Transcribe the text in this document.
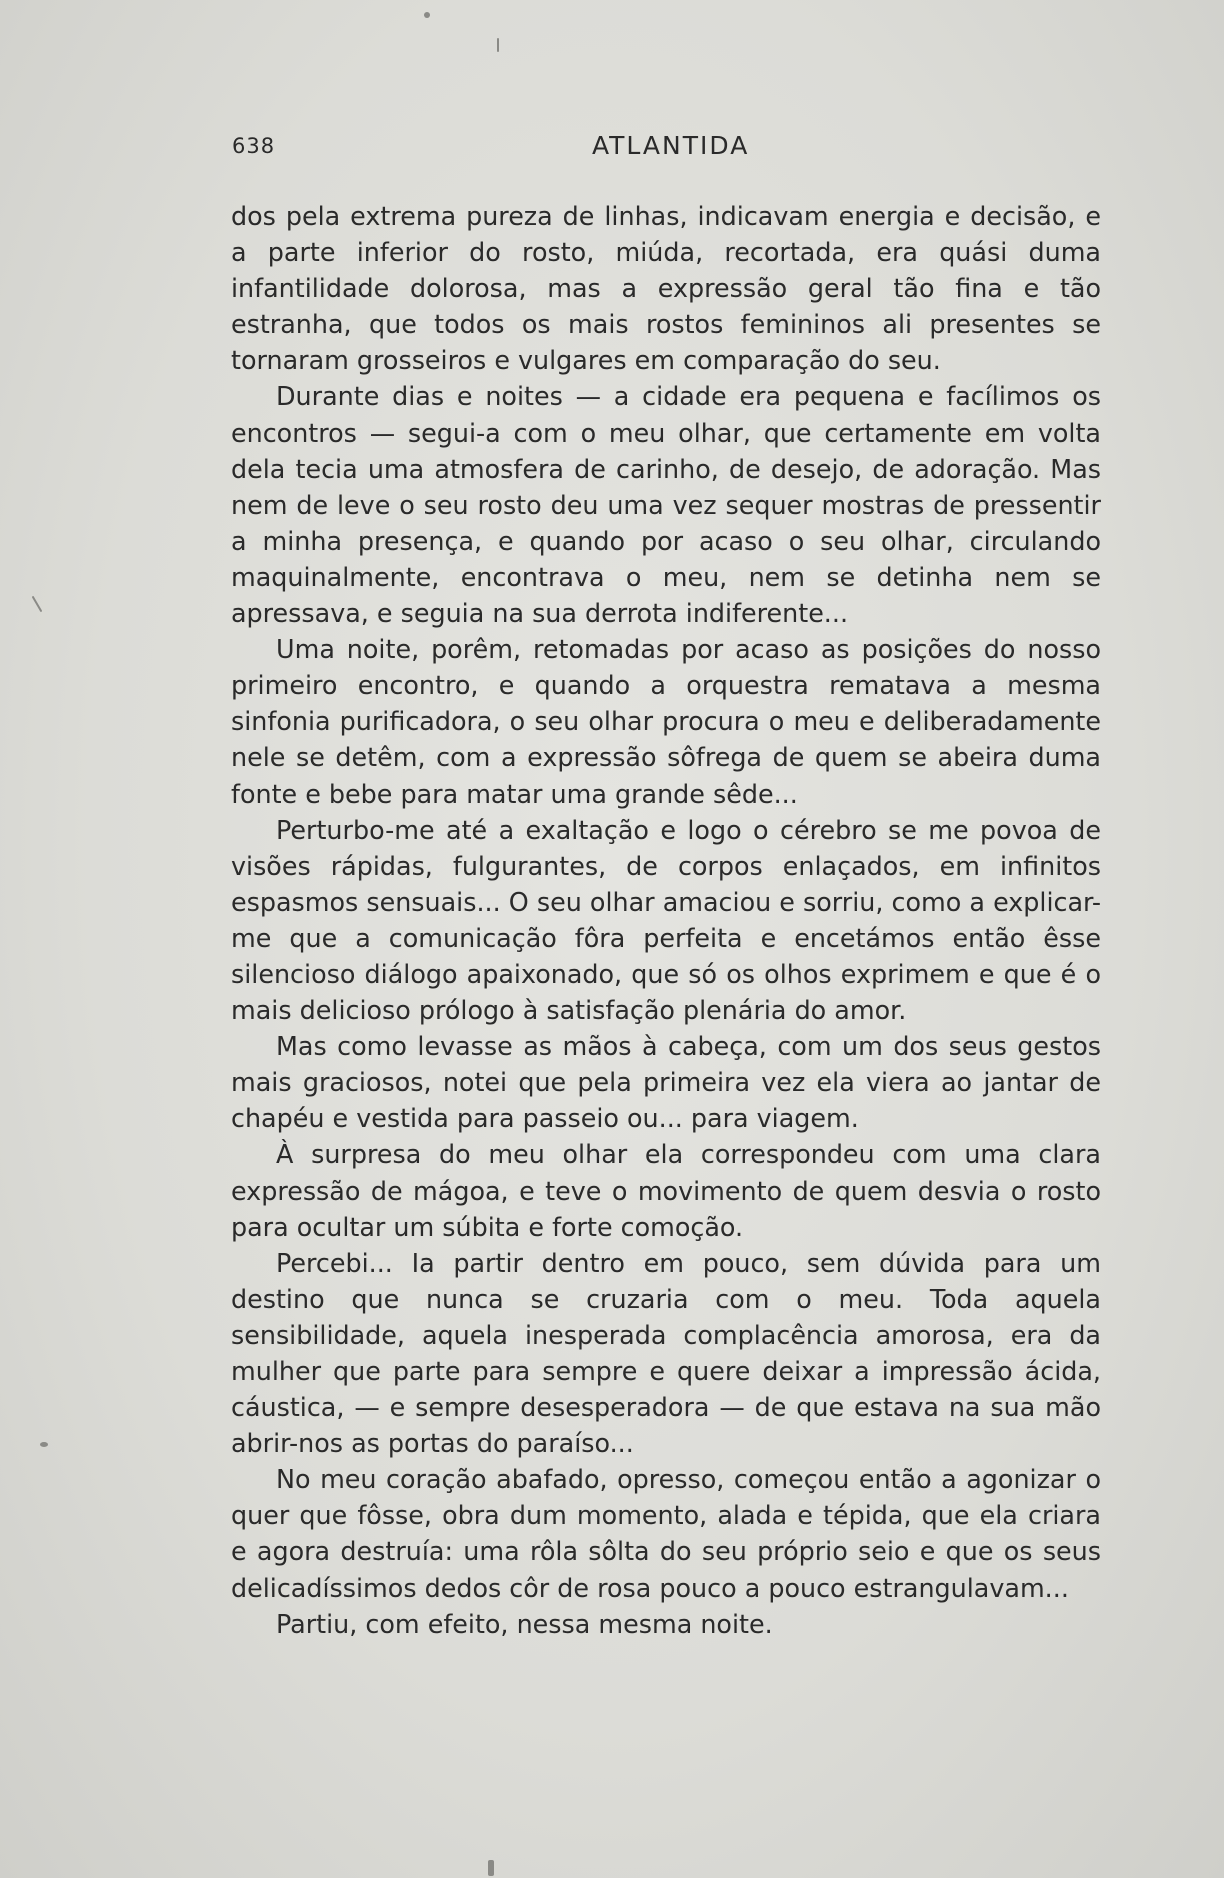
638	ATLANTIDA

dos pela extrema pureza de linhas, indicavam energia e decisão, e a parte inferior do rosto, miúda, recortada, era quási duma infantilidade dolorosa, mas a expressão geral tão fina e tão estranha, que todos os mais rostos femininos ali presentes se tornaram grosseiros e vulgares em comparação do seu.

Durante dias e noites — a cidade era pequena e facílimos os encontros — segui-a com o meu olhar, que certamente em volta dela tecia uma atmosfera de carinho, de desejo, de adoração. Mas nem de leve o seu rosto deu uma vez sequer mostras de pressentir a minha presença, e quando por acaso o seu olhar, circulando maquinalmente, encontrava o meu, nem se detinha nem se apressava, e seguia na sua derrota indiferente...

Uma noite, porêm, retomadas por acaso as posições do nosso primeiro encontro, e quando a orquestra rematava a mesma sinfonia purificadora, o seu olhar procura o meu e deliberadamente nele se detêm, com a expressão sôfrega de quem se abeira duma fonte e bebe para matar uma grande sêde...

Perturbo-me até a exaltação e logo o cérebro se me povoa de visões rápidas, fulgurantes, de corpos enlaçados, em infinitos espasmos sensuais... O seu olhar amaciou e sorriu, como a explicar-me que a comunicação fôra perfeita e encetámos então êsse silencioso diálogo apaixonado, que só os olhos exprimem e que é o mais delicioso prólogo à satisfação plenária do amor.

Mas como levasse as mãos à cabeça, com um dos seus gestos mais graciosos, notei que pela primeira vez ela viera ao jantar de chapéu e vestida para passeio ou... para viagem.

À surpresa do meu olhar ela correspondeu com uma clara expressão de mágoa, e teve o movimento de quem desvia o rosto para ocultar um súbita e forte comoção.

Percebi... Ia partir dentro em pouco, sem dúvida para um destino que nunca se cruzaria com o meu. Toda aquela sensibilidade, aquela inesperada complacência amorosa, era da mulher que parte para sempre e quere deixar a impressão ácida, cáustica, — e sempre desesperadora — de que estava na sua mão abrir-nos as portas do paraíso...

No meu coração abafado, opresso, começou então a agonizar o quer que fôsse, obra dum momento, alada e tépida, que ela criara e agora destruía: uma rôla sôlta do seu próprio seio e que os seus delicadíssimos dedos côr de rosa pouco a pouco estrangulavam...

Partiu, com efeito, nessa mesma noite.
